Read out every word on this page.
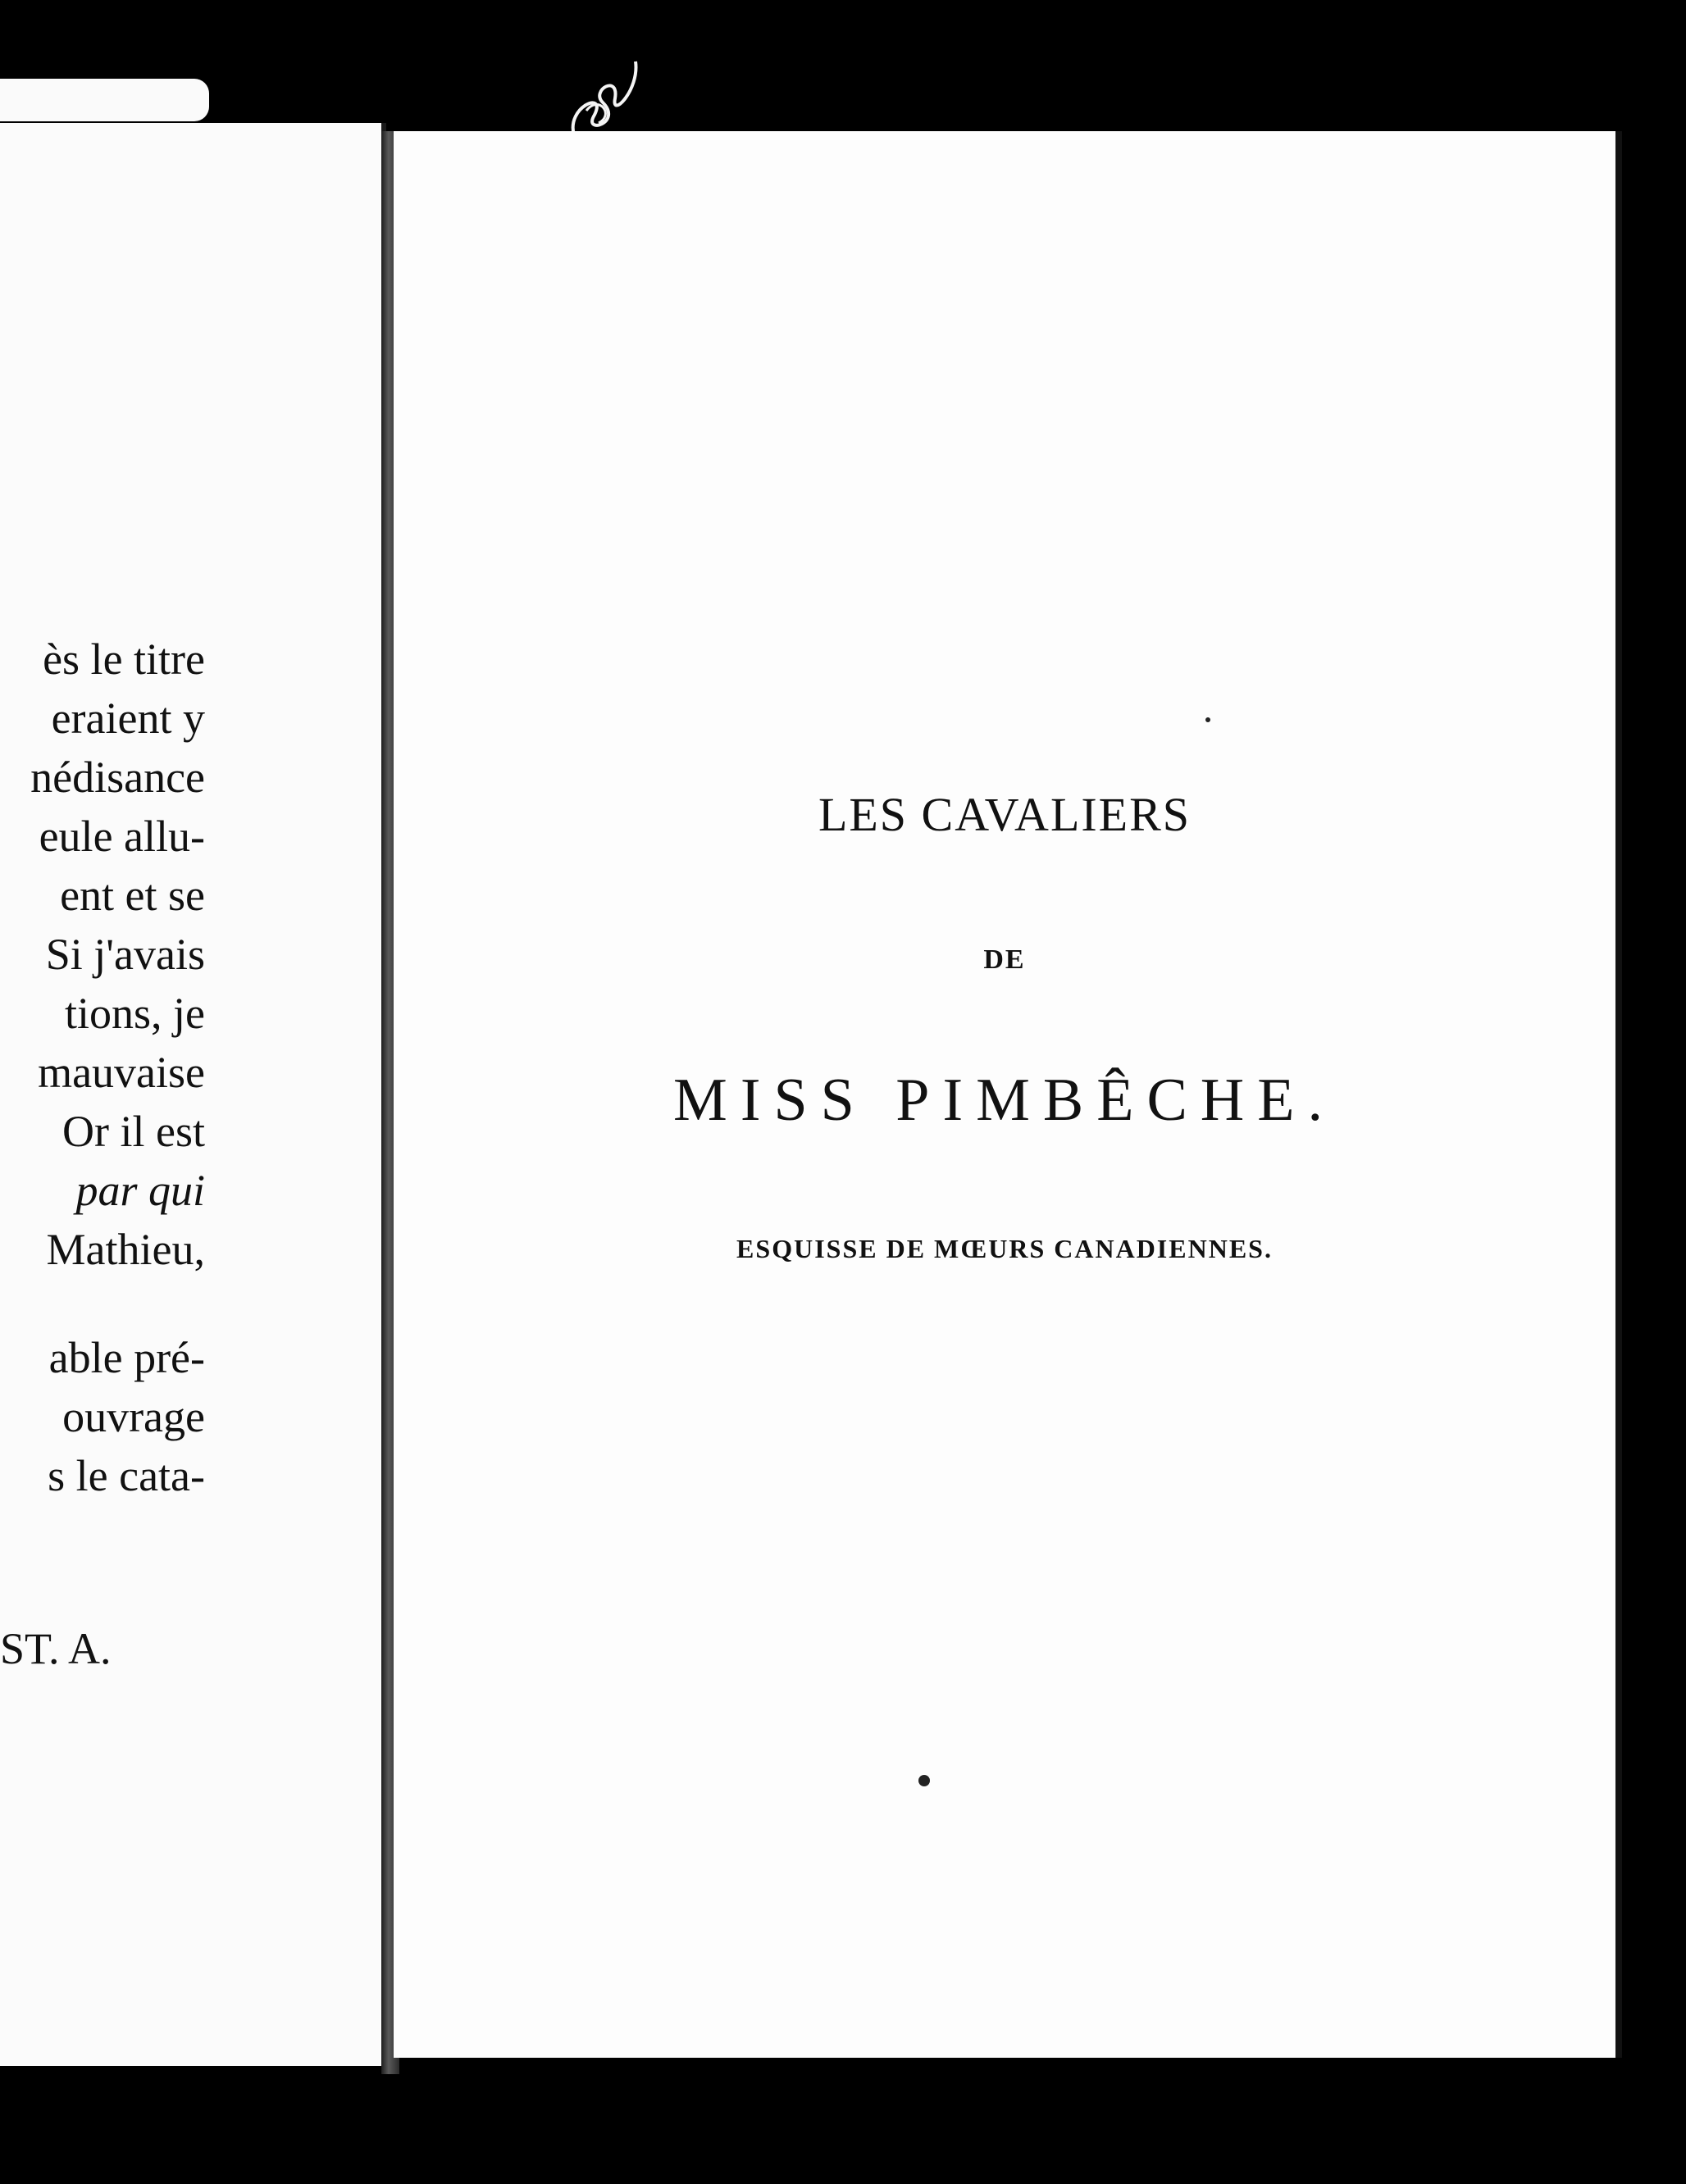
ès le titre
eraient y
nédisance
eule allu-
ent et se
Si j'avais
tions, je
mauvaise
Or il est
par qui
Mathieu,
able pré-
ouvrage
s le cata-
ST. A.
LES CAVALIERS
DE
MISS PIMBÊCHE.
ESQUISSE DE MŒURS CANADIENNES.
